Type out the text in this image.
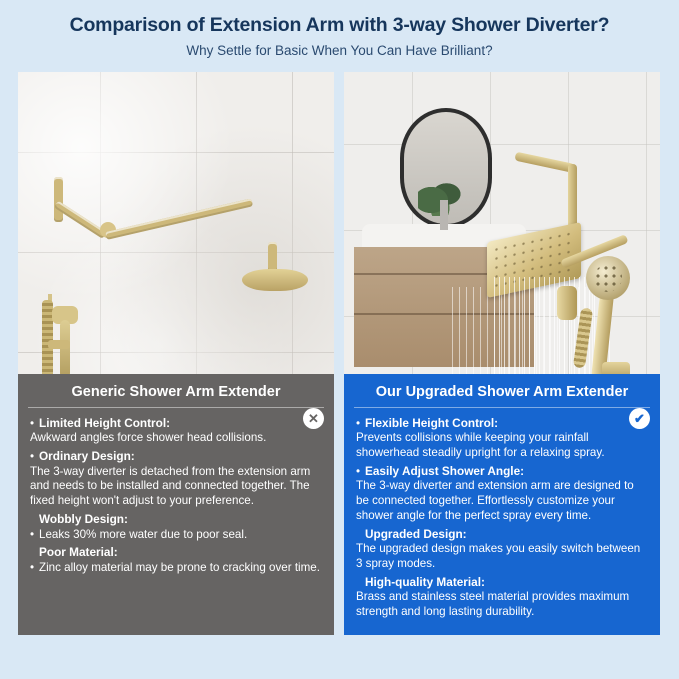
Comparison of Extension Arm with 3-way Shower Diverter?
Why Settle for Basic When You Can Have Brilliant?
Generic Shower Arm Extender
✕
• Limited Height Control:
Awkward angles force shower head collisions.
• Ordinary Design:
The 3-way diverter is detached from the extension arm and needs to be installed and connected together. The fixed height won't adjust to your preference.
Wobbly Design:
• Leaks 30% more water due to poor seal.
Poor Material:
• Zinc alloy material may be prone to cracking over time.
Our Upgraded Shower Arm Extender
✔
• Flexible Height Control:
Prevents collisions while keeping your rainfall showerhead steadily upright for a relaxing spray.
• Easily Adjust Shower Angle:
The 3-way diverter and extension arm are designed to be connected together. Effortlessly customize your shower angle for the perfect spray every time.
Upgraded Design:
The upgraded design makes you easily switch between 3 spray modes.
High-quality Material:
Brass and stainless steel material provides maximum strength and long lasting durability.
